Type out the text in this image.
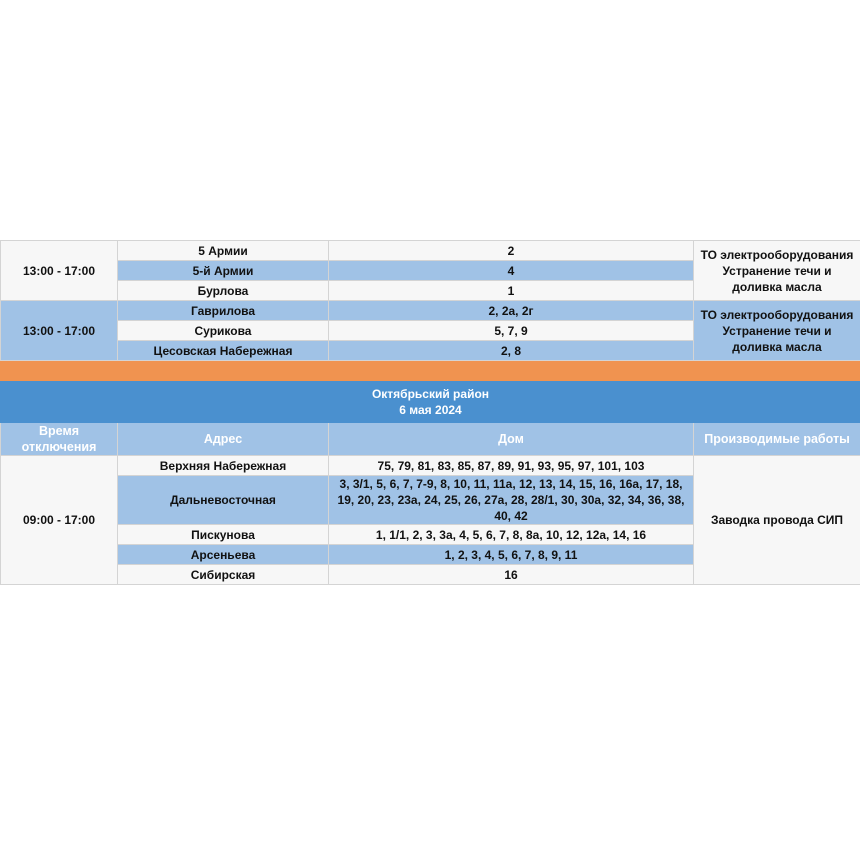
13:00 - 17:00	5 Армии	2	ТО электрооборудования Устранение течи и доливка масла
	5-й Армии	4	
	Бурлова	1	
13:00 - 17:00	Гаврилова	2, 2а, 2г	ТО электрооборудования Устранение течи и доливка масла
	Сурикова	5, 7, 9	
	Цесовская Набережная	2, 8	

Октябрьский район
6 мая 2024			

Время отключения	Адрес	Дом	Производимые работы
09:00 - 17:00	Верхняя Набережная	75, 79, 81, 83, 85, 87, 89, 91, 93, 95, 97, 101, 103	Заводка провода СИП
	Дальневосточная	3, 3/1, 5, 6, 7, 7-9, 8, 10, 11, 11а, 12, 13, 14, 15, 16, 16а, 17, 18, 19, 20, 23, 23а, 24, 25, 26, 27а, 28, 28/1, 30, 30а, 32, 34, 36, 38, 40, 42	
	Пискунова	1, 1/1, 2, 3, 3а, 4, 5, 6, 7, 8, 8а, 10, 12, 12а, 14, 16	
	Арсеньева	1, 2, 3, 4, 5, 6, 7, 8, 9, 11	
	Сибирская	16	
